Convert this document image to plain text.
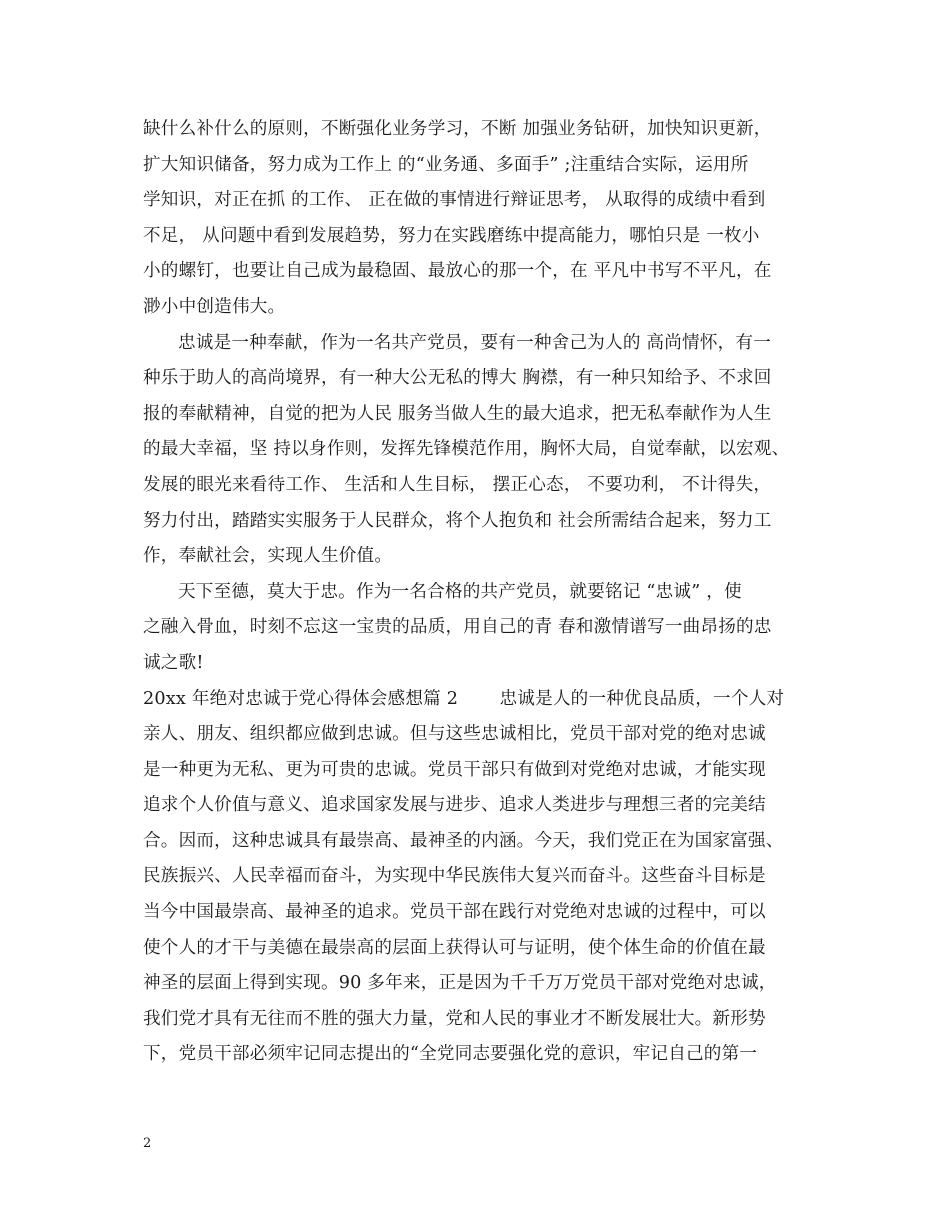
缺什么补什么的原则，不断强化业务学习，不断 加强业务钻研，加快知识更新，
扩大知识储备，努力成为工作上 的“业务通、多面手” ;注重结合实际，运用所
学知识，对正在抓 的工作、 正在做的事情进行辩证思考， 从取得的成绩中看到
不足， 从问题中看到发展趋势，努力在实践磨练中提高能力，哪怕只是 一枚小
小的螺钉，也要让自己成为最稳固、最放心的那一个，在 平凡中书写不平凡，在
渺小中创造伟大。
忠诚是一种奉献，作为一名共产党员，要有一种舍己为人的 高尚情怀，有一
种乐于助人的高尚境界，有一种大公无私的博大 胸襟，有一种只知给予、不求回
报的奉献精神，自觉的把为人民 服务当做人生的最大追求，把无私奉献作为人生
的最大幸福，坚 持以身作则，发挥先锋模范作用，胸怀大局，自觉奉献，以宏观、
发展的眼光来看待工作、 生活和人生目标， 摆正心态， 不要功利， 不计得失，
努力付出，踏踏实实服务于人民群众，将个人抱负和 社会所需结合起来，努力工
作，奉献社会，实现人生价值。
天下至德，莫大于忠。作为一名合格的共产党员，就要铭记 “忠诚” ，使
之融入骨血，时刻不忘这一宝贵的品质，用自己的青 春和激情谱写一曲昂扬的忠
诚之歌!
20xx 年绝对忠诚于党心得体会感想篇 2 　　忠诚是人的一种优良品质，一个人对
亲人、朋友、组织都应做到忠诚。但与这些忠诚相比，党员干部对党的绝对忠诚
是一种更为无私、更为可贵的忠诚。党员干部只有做到对党绝对忠诚，才能实现
追求个人价值与意义、追求国家发展与进步、追求人类进步与理想三者的完美结
合。因而，这种忠诚具有最崇高、最神圣的内涵。今天，我们党正在为国家富强、
民族振兴、人民幸福而奋斗，为实现中华民族伟大复兴而奋斗。这些奋斗目标是
当今中国最崇高、最神圣的追求。党员干部在践行对党绝对忠诚的过程中，可以
使个人的才干与美德在最崇高的层面上获得认可与证明，使个体生命的价值在最
神圣的层面上得到实现。90 多年来，正是因为千千万万党员干部对党绝对忠诚，
我们党才具有无往而不胜的强大力量，党和人民的事业才不断发展壮大。新形势
下，党员干部必须牢记同志提出的“全党同志要强化党的意识，牢记自己的第一
2
